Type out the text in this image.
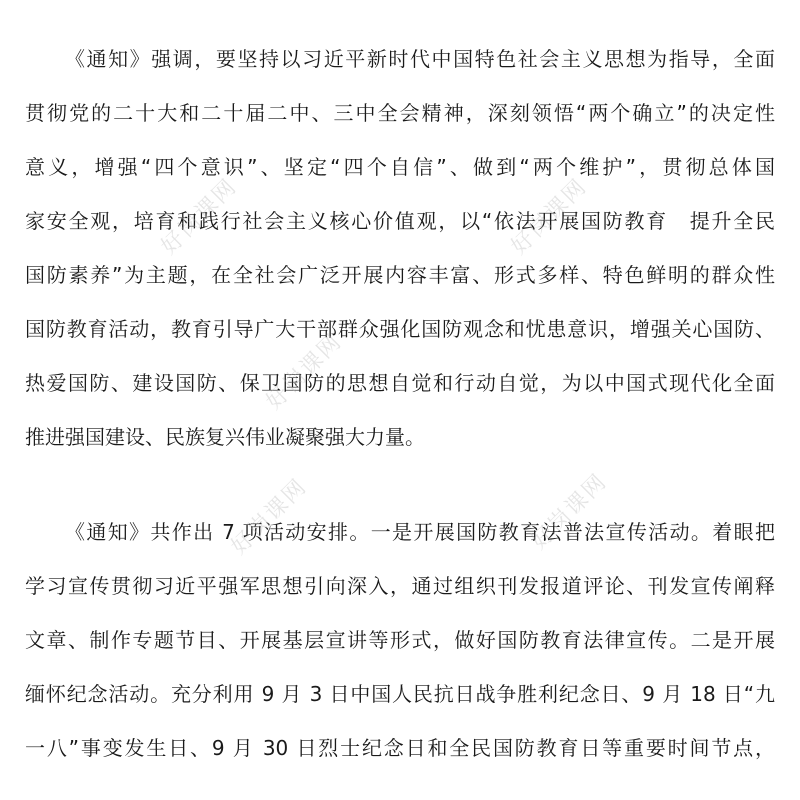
《通知》强调，要坚持以习近平新时代中国特色社会主义思想为指导，全面
贯彻党的二十大和二十届二中、三中全会精神，深刻领悟“两个确立”的决定性
意义，增强“四个意识”、坚定“四个自信”、做到“两个维护”，贯彻总体国
家安全观，培育和践行社会主义核心价值观，以“依法开展国防教育　提升全民
国防素养”为主题，在全社会广泛开展内容丰富、形式多样、特色鲜明的群众性
国防教育活动，教育引导广大干部群众强化国防观念和忧患意识，增强关心国防、
热爱国防、建设国防、保卫国防的思想自觉和行动自觉，为以中国式现代化全面
推进强国建设、民族复兴伟业凝聚强大力量。
《通知》共作出 7 项活动安排。一是开展国防教育法普法宣传活动。着眼把
学习宣传贯彻习近平强军思想引向深入，通过组织刊发报道评论、刊发宣传阐释
文章、制作专题节目、开展基层宣讲等形式，做好国防教育法律宣传。二是开展
缅怀纪念活动。充分利用 9 月 3 日中国人民抗日战争胜利纪念日、9 月 18 日“九
一八”事变发生日、9 月 30 日烈士纪念日和全民国防教育日等重要时间节点，
好岗课网	好岗课网
好岗课网
好岗课网	好岗课网
